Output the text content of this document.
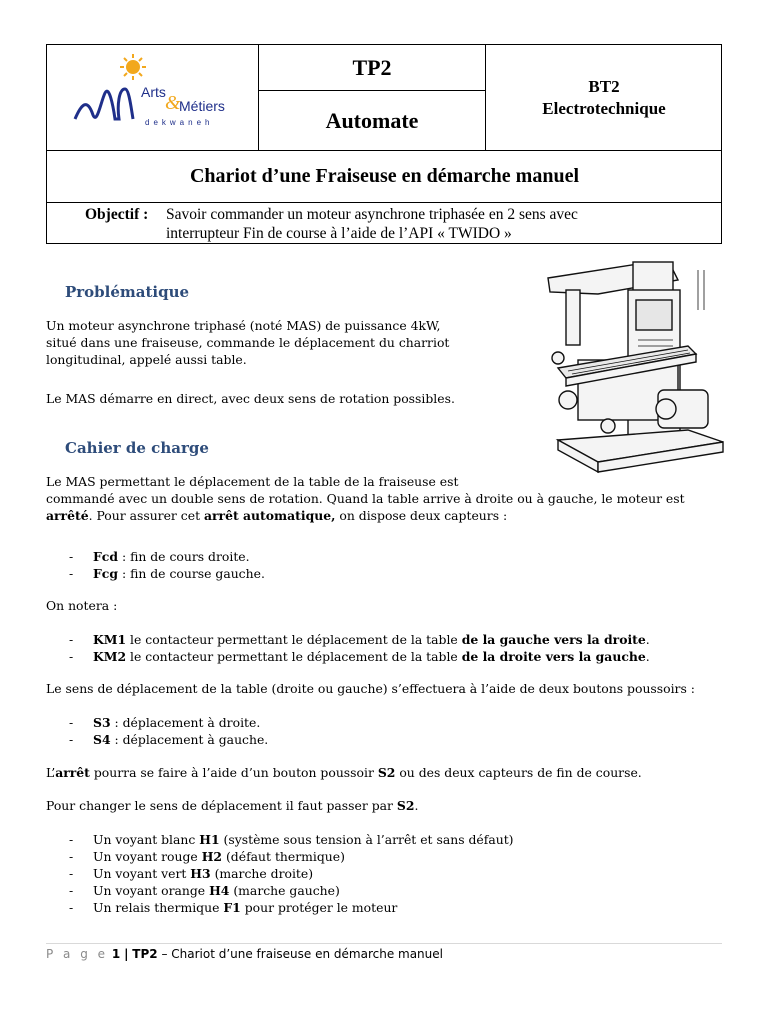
Arts &
Métiers
dekwaneh
TP2
Automate
BT2
Electrotechnique
Chariot d’une Fraiseuse en démarche manuel
Objectif : Savoir commander un moteur asynchrone triphasée en 2 sens avec
interrupteur Fin de course à l’aide de l’API « TWIDO »
Problématique
Un moteur asynchrone triphasé (noté MAS) de puissance 4kW,
situé dans une fraiseuse, commande le déplacement du charriot
longitudinal, appelé aussi table.
Le MAS démarre en direct, avec deux sens de rotation possibles.
Cahier de charge
Le MAS permettant le déplacement de la table de la fraiseuse est
commandé avec un double sens de rotation. Quand la table arrive à droite ou à gauche, le moteur est
arrêté. Pour assurer cet arrêt automatique, on dispose deux capteurs :
- Fcd : fin de cours droite.
- Fcg : fin de course gauche.
On notera :
- KM1 le contacteur permettant le déplacement de la table de la gauche vers la droite.
- KM2 le contacteur permettant le déplacement de la table de la droite vers la gauche.
Le sens de déplacement de la table (droite ou gauche) s’effectuera à l’aide de deux boutons poussoirs :
- S3 : déplacement à droite.
- S4 : déplacement à gauche.
L’arrêt pourra se faire à l’aide d’un bouton poussoir S2 ou des deux capteurs de fin de course.
Pour changer le sens de déplacement il faut passer par S2.
- Un voyant blanc H1 (système sous tension à l’arrêt et sans défaut)
- Un voyant rouge H2 (défaut thermique)
- Un voyant vert H3 (marche droite)
- Un voyant orange H4 (marche gauche)
- Un relais thermique F1 pour protéger le moteur
P a g e 1 | TP2 – Chariot d’une fraiseuse en démarche manuel
